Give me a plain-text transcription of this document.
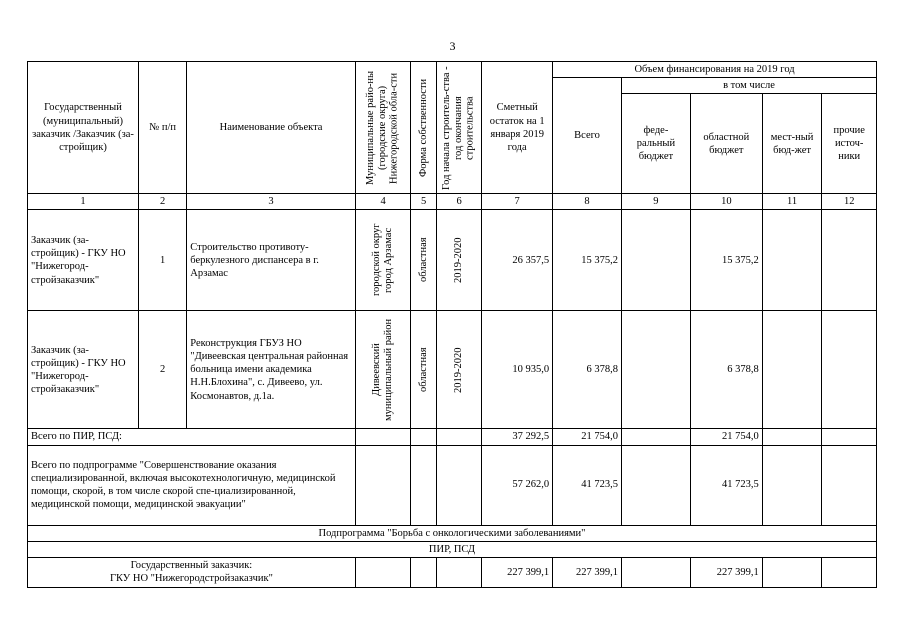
3
Государственный (муниципальный) заказчик /Заказчик (за-стройщик)	№ п/п	Наименование объекта	Муниципальные райо-ны (городские округа) Нижегородской обла-сти	Форма собственности	Год начала строитель-ства - год окончания строительства	Сметный остаток на 1 января 2019 года	Объем финансирования на 2019 год				
							Всего	в том числе			
								феде-ральный бюджет	областной бюджет	мест-ный бюд-жет	прочие источ-ники
1	2	3	4	5	6	7	8	9	10	11	12
Заказчик (за-стройщик) - ГКУ НО "Нижегород-стройзаказчик"	1	Строительство противоту-беркулезного диспансера в г. Арзамас	городской округ город Арзамас	областная	2019-2020	26 357,5	15 375,2		15 375,2		
Заказчик (за-стройщик) - ГКУ НО "Нижегород-стройзаказчик"	2	Реконструкция ГБУЗ НО "Дивеевская центральная районная больница имени академика Н.Н.Блохина", с. Дивеево, ул. Космонавтов, д.1а.	Дивеевский муниципальный район	областная	2019-2020	10 935,0	6 378,8		6 378,8		
Всего по ПИР, ПСД:						37 292,5	21 754,0		21 754,0		
Всего по подпрограмме "Совершенствование оказания специализированной, включая высокотехнологичную, медицинской помощи, скорой, в том числе скорой спе-циализированной, медицинской помощи, медицинской эвакуации"						57 262,0	41 723,5		41 723,5		
Подпрограмма "Борьба с онкологическими заболеваниями"											
ПИР, ПСД											

Государственный заказчик:
ГКУ НО "Нижегородстройзаказчик"						227 399,1	227 399,1		227 399,1		
